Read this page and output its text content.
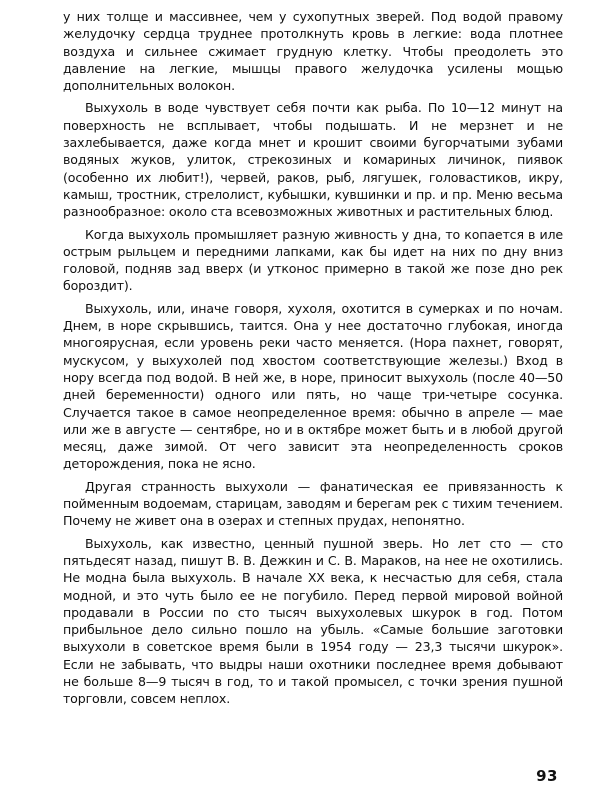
у них толще и массивнее, чем у сухопутных зверей. Под водой правому желудочку сердца труднее протолкнуть кровь в легкие: вода плотнее воздуха и сильнее сжимает грудную клетку. Чтобы преодолеть это давление на легкие, мышцы правого желудочка усилены мощью дополнительных волокон.

Выхухоль в воде чувствует себя почти как рыба. По 10—12 минут на поверхность не всплывает, чтобы подышать. И не мерзнет и не захлебывается, даже когда мнет и крошит своими бугорчатыми зубами водяных жуков, улиток, стрекозиных и комариных личинок, пиявок (особенно их любит!), червей, раков, рыб, лягушек, головастиков, икру, камыш, тростник, стрелолист, кубышки, кувшинки и пр. и пр. Меню весьма разнообразное: около ста всевозможных животных и растительных блюд.

Когда выхухоль промышляет разную живность у дна, то копается в иле острым рыльцем и передними лапками, как бы идет на них по дну вниз головой, подняв зад вверх (и утконос примерно в такой же позе дно рек бороздит).

Выхухоль, или, иначе говоря, хухоля, охотится в сумерках и по ночам. Днем, в норе скрывшись, таится. Она у нее достаточно глубокая, иногда многоярусная, если уровень реки часто меняется. (Нора пахнет, говорят, мускусом, у выхухолей под хвостом соответствующие железы.) Вход в нору всегда под водой. В ней же, в норе, приносит выхухоль (после 40—50 дней беременности) одного или пять, но чаще три-четыре сосунка. Случается такое в самое неопределенное время: обычно в апреле — мае или же в августе — сентябре, но и в октябре может быть и в любой другой месяц, даже зимой. От чего зависит эта неопределенность сроков деторождения, пока не ясно.

Другая странность выхухоли — фанатическая ее привязанность к пойменным водоемам, старицам, заводям и берегам рек с тихим течением. Почему не живет она в озерах и степных прудах, непонятно.

Выхухоль, как известно, ценный пушной зверь. Но лет сто — сто пятьдесят назад, пишут В. В. Дежкин и С. В. Мараков, на нее не охотились. Не модна была выхухоль. В начале XX века, к несчастью для себя, стала модной, и это чуть было ее не погубило. Перед первой мировой войной продавали в России по сто тысяч выхухолевых шкурок в год. Потом прибыльное дело сильно пошло на убыль. «Самые большие заготовки выхухоли в советское время были в 1954 году — 23,3 тысячи шкурок». Если не забывать, что выдры наши охотники последнее время добывают не больше 8—9 тысяч в год, то и такой промысел, с точки зрения пушной торговли, совсем неплох.

93
